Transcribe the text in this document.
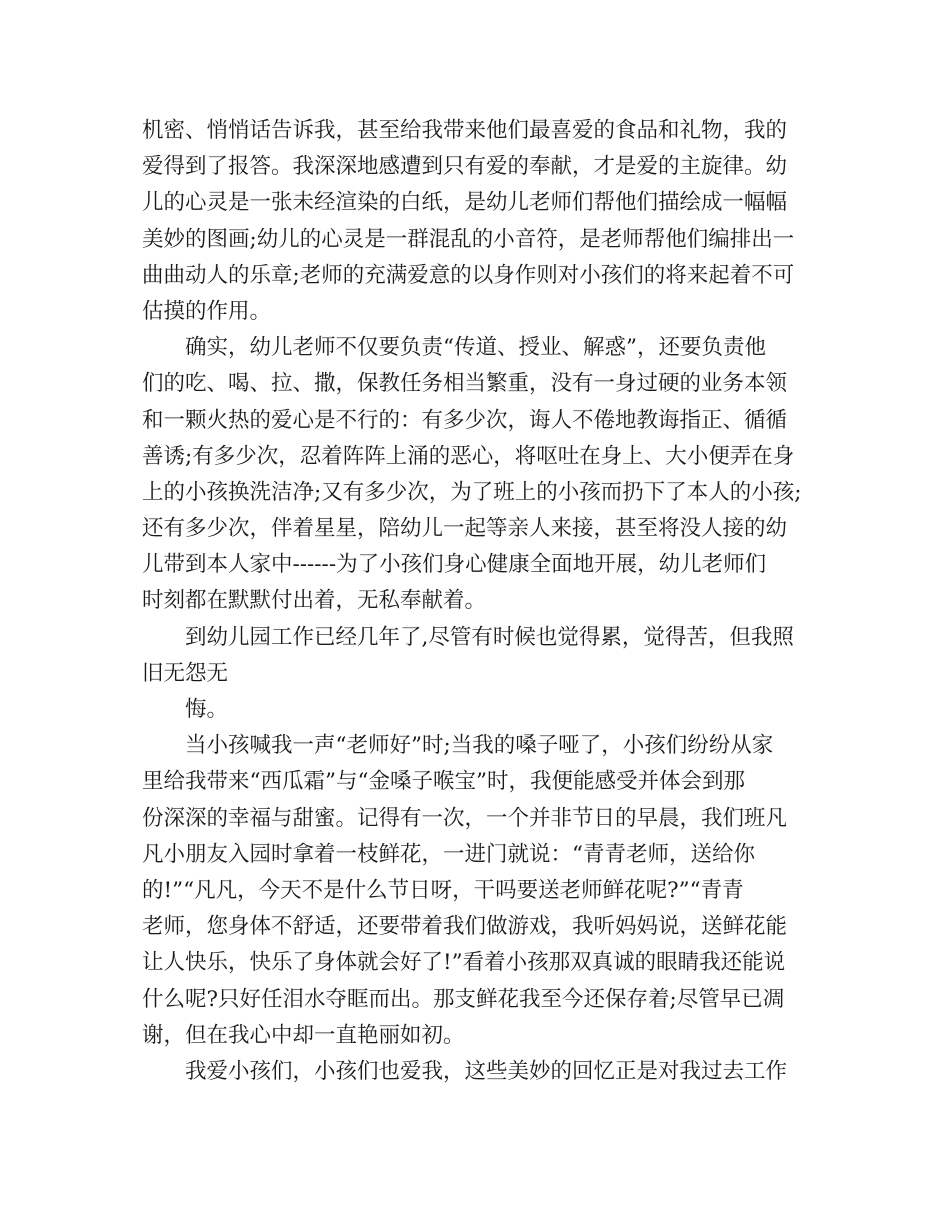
机密、悄悄话告诉我，甚至给我带来他们最喜爱的食品和礼物，我的
爱得到了报答。我深深地感遭到只有爱的奉献，才是爱的主旋律。幼
儿的心灵是一张未经渲染的白纸，是幼儿老师们帮他们描绘成一幅幅
美妙的图画;幼儿的心灵是一群混乱的小音符，是老师帮他们编排出一
曲曲动人的乐章;老师的充满爱意的以身作则对小孩们的将来起着不可
估摸的作用。
确实，幼儿老师不仅要负责“传道、授业、解惑”，还要负责他
们的吃、喝、拉、撒，保教任务相当繁重，没有一身过硬的业务本领
和一颗火热的爱心是不行的：有多少次，诲人不倦地教诲指正、循循
善诱;有多少次，忍着阵阵上涌的恶心，将呕吐在身上、大小便弄在身
上的小孩换洗洁净;又有多少次，为了班上的小孩而扔下了本人的小孩;
还有多少次，伴着星星，陪幼儿一起等亲人来接，甚至将没人接的幼
儿带到本人家中------为了小孩们身心健康全面地开展，幼儿老师们
时刻都在默默付出着，无私奉献着。
到幼儿园工作已经几年了,尽管有时候也觉得累，觉得苦，但我照
旧无怨无
悔。
当小孩喊我一声“老师好”时;当我的嗓子哑了，小孩们纷纷从家
里给我带来“西瓜霜”与“金嗓子喉宝”时，我便能感受并体会到那
份深深的幸福与甜蜜。记得有一次，一个并非节日的早晨，我们班凡
凡小朋友入园时拿着一枝鲜花，一进门就说：“青青老师，送给你
的!”“凡凡，今天不是什么节日呀，干吗要送老师鲜花呢?”“青青
老师，您身体不舒适，还要带着我们做游戏，我听妈妈说，送鲜花能
让人快乐，快乐了身体就会好了!”看着小孩那双真诚的眼睛我还能说
什么呢?只好任泪水夺眶而出。那支鲜花我至今还保存着;尽管早已凋
谢，但在我心中却一直艳丽如初。
我爱小孩们，小孩们也爱我，这些美妙的回忆正是对我过去工作
